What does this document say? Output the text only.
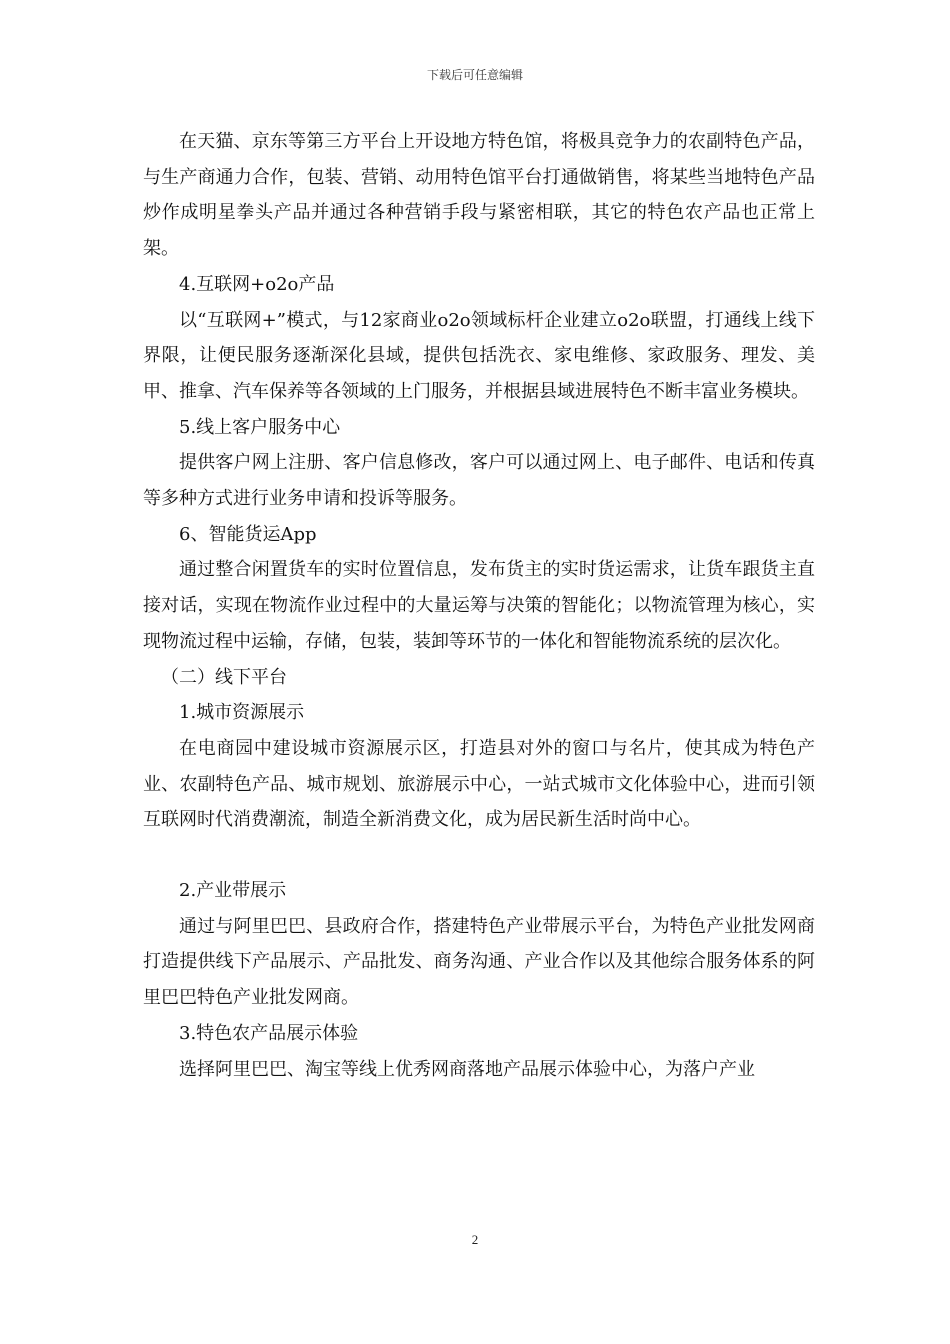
下载后可任意编辑

在天猫、京东等第三方平台上开设地方特色馆，将极具竞争力的农副特色产品，与生产商通力合作，包装、营销、动用特色馆平台打通做销售，将某些当地特色产品炒作成明星拳头产品并通过各种营销手段与紧密相联，其它的特色农产品也正常上架。

4.互联网+o2o产品

以“互联网+”模式，与12家商业o2o领域标杆企业建立o2o联盟，打通线上线下界限，让便民服务逐渐深化县域，提供包括洗衣、家电维修、家政服务、理发、美甲、推拿、汽车保养等各领域的上门服务，并根据县域进展特色不断丰富业务模块。

5.线上客户服务中心

提供客户网上注册、客户信息修改，客户可以通过网上、电子邮件、电话和传真等多种方式进行业务申请和投诉等服务。

6、智能货运App

通过整合闲置货车的实时位置信息，发布货主的实时货运需求，让货车跟货主直接对话，实现在物流作业过程中的大量运筹与决策的智能化；以物流管理为核心，实现物流过程中运输，存储，包装，装卸等环节的一体化和智能物流系统的层次化。

（二）线下平台

1.城市资源展示

在电商园中建设城市资源展示区，打造县对外的窗口与名片，使其成为特色产业、农副特色产品、城市规划、旅游展示中心，一站式城市文化体验中心，进而引领互联网时代消费潮流，制造全新消费文化，成为居民新生活时尚中心。

2.产业带展示

通过与阿里巴巴、县政府合作，搭建特色产业带展示平台，为特色产业批发网商打造提供线下产品展示、产品批发、商务沟通、产业合作以及其他综合服务体系的阿里巴巴特色产业批发网商。

3.特色农产品展示体验

选择阿里巴巴、淘宝等线上优秀网商落地产品展示体验中心，为落户产业

2
